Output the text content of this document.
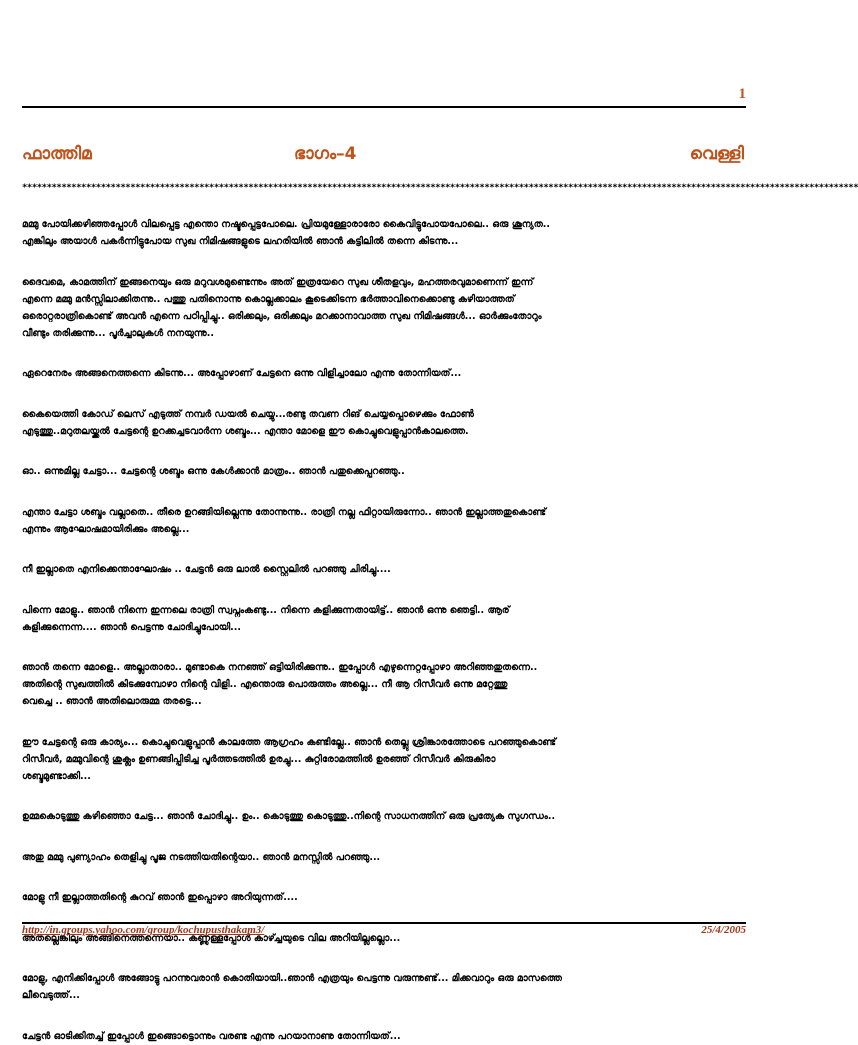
1
ഫാത്തിമ	ഭാഗം–4	വെള്ളി
**************************************************************************************************************************************************************************

മമ്മു പോയിക്കഴിഞ്ഞപ്പോൾ വിലപ്പെട്ട എന്തൊ നഷ്ടപ്പെട്ടപോലെ. പ്രിയമുള്ളോരാരോ കൈവിട്ടുപോയപോലെ.. ഒരു ശൂന്യത..
എങ്കിലും അയാൾ പകർന്നിട്ടുപോയ സുഖ നിമിഷങ്ങളുടെ ലഹരിയിൽ ഞാൻ കട്ടിലിൽ തന്നെ കിടന്നു...

ദൈവമെ, കാമത്തിന് ഇങ്ങനെയും ഒരു മറുവശമുണ്ടെന്നും അത് ഇത്രയേറെ സുഖ ശീതളവും, മഹത്തരവുമാണെന്ന് ഇന്ന്
എന്നെ മമ്മു മൻസ്സിലാക്കിതന്നു.. പത്തു പതിനൊന്നു കൊല്ലക്കാലം കൂടെക്കിടന്ന ഭർത്താവിനെക്കൊണ്ടു കഴിയാത്തത്
ഒരൊറ്റരാത്രികൊണ്ട് അവൻ എന്നെ പഠിപ്പിച്ചു.. ഒരിക്കലും, ഒരിക്കലും മറക്കാനാവാത്ത സുഖ നിമിഷങ്ങൾ... ഓർക്കുംതോറും
വീണ്ടും തരിക്കുന്നു... പൂർച്ചാലുകൾ നനയുന്നു..

ഏറെനേരം അങ്ങനെത്തന്നെ കിടന്നു... അപ്പോഴാണ് ചേട്ടനെ ഒന്നു വിളിച്ചാലോ എന്നു തോന്നിയത്...

കൈയെത്തി കോഡ് ലെസ് എടുത്ത് നമ്പർ ഡയൽ ചെയ്യു...രണ്ടു തവണ റിങ് ചെയ്യപ്പൊഴെക്കും ഫോൺ
എടുത്തു..മറുതലയ്ക്കൽ ചേട്ടന്റെ ഉറക്കച്ചടവാർന്ന ശബ്ദം... എന്താ മോളെ ഈ കൊച്ചുവെളുപ്പാൻകാലത്തെ.

ഓ.. ഒന്നുമില്ല ചേട്ടാ... ചേട്ടന്റെ ശബ്ദം ഒന്നു കേൾക്കാൻ മാത്രം.. ഞാൻ പതുക്കെപ്പറഞ്ഞു..

എന്താ ചേട്ടാ ശബ്ദം വല്ലാതെ.. തീരെ ഉറങ്ങിയില്ലെന്നു തോന്നുന്നു.. രാത്രി നല്ല ഫിറ്റായിരുന്നോ.. ഞാൻ ഇല്ലാത്തതുകൊണ്ട്
എന്നും ആഘോഷമായിരിക്കും അല്ലെ...

നീ ഇല്ലാതെ എനിക്കെന്താഘോഷം .. ചേട്ടൻ ഒരു ലാൽ സ്റ്റൈലിൽ പറഞ്ഞു ചിരിച്ചു....

പിന്നെ മോളു.. ഞാൻ നിന്നെ ഇന്നലെ രാത്രി സ്വപ്നംകണ്ടു... നിന്നെ കളിക്കുന്നതായിട്ട്.. ഞാൻ ഒന്നു ഞെട്ടി.. ആര്
കളിക്കുന്നെന്ന.... ഞാൻ പെട്ടന്നു ചോദിച്ചുപോയി...

ഞാൻ തന്നെ മോളെ.. അല്ലാതാരാ.. മുണ്ടാകെ നനഞ്ഞ് ഒട്ടിയിരിക്കുന്നു.. ഇപ്പോൾ എഴുന്നെറ്റപ്പോഴാ അറിഞ്ഞതുതന്നെ..
അതിന്റെ സുഖത്തിൽ കിടക്കുമ്പോഴാ നിന്റെ വിളി.. എന്തൊരു പൊരുത്തം അല്ലെ... നീ ആ റിസീവർ ഒന്നു മറ്റേത്തു
വെച്ചെ .. ഞാൻ അതിലൊരുമ്മ തരട്ടെ...

ഈ ചേട്ടന്റെ ഒരു കാര്യം... കൊച്ചുവെളുപ്പാൻ കാലത്തേ ആഗ്രഹം കണ്ടില്ലേ.. ഞാൻ തെല്ലു ശ്രിങ്കാരത്തോടെ പറഞ്ഞുകൊണ്ട്
റിസീവർ, മമ്മുവിന്റെ ശുക്ലം ഉണങ്ങിപ്പിടിച്ച പൂർത്തടത്തിൽ ഉരച്ചു... കുറ്റിരോമത്തിൽ ഉരഞ്ഞ് റിസീവർ കിരുകിരാ
ശബ്ദമുണ്ടാക്കി...

ഉമ്മകൊടുത്തു കഴിഞ്ഞൊ ചേട്ട... ഞാൻ ചോദിച്ചു.. ഉം.. കൊടുത്തു കൊടുത്തു..നിന്റെ സാധനത്തിന് ഒരു പ്രത്യേക സുഗന്ധം..

അതു മമ്മു പുണ്യാഹം തെളിച്ചു പൂജ നടത്തിയതിന്റെയാ.. ഞാൻ മനസ്സിൽ പറഞ്ഞു...

മോളു നീ ഇല്ലാത്തതിന്റെ കുറവ് ഞാൻ ഇപ്പൊഴാ അറിയുന്നത്....

അതല്ലെങ്കിലും അങ്ങിനെത്തന്നെയാ.. കണ്ണുള്ളപ്പോൾ കാഴ്ച്ചയുടെ വില അറിയില്ലല്ലൊ...

മോളു, എനിക്കിപ്പോൾ അങ്ങോട്ടു പറന്നുവരാൻ കൊതിയായി..ഞാൻ എത്രയും പെട്ടന്നു വരുന്നുണ്ട്... മിക്കവാറും ഒരു മാസത്തെ
ലീവെടുത്ത്...

ചേട്ടൻ ഓടിക്കിതച്ച് ഇപ്പോൾ ഇങ്ങൊട്ടൊന്നും വരണ്ട എന്നു പറയാനാണു തോന്നിയത്...

http://in.groups.yahoo.com/group/kochupusthakam3/	25/4/2005
